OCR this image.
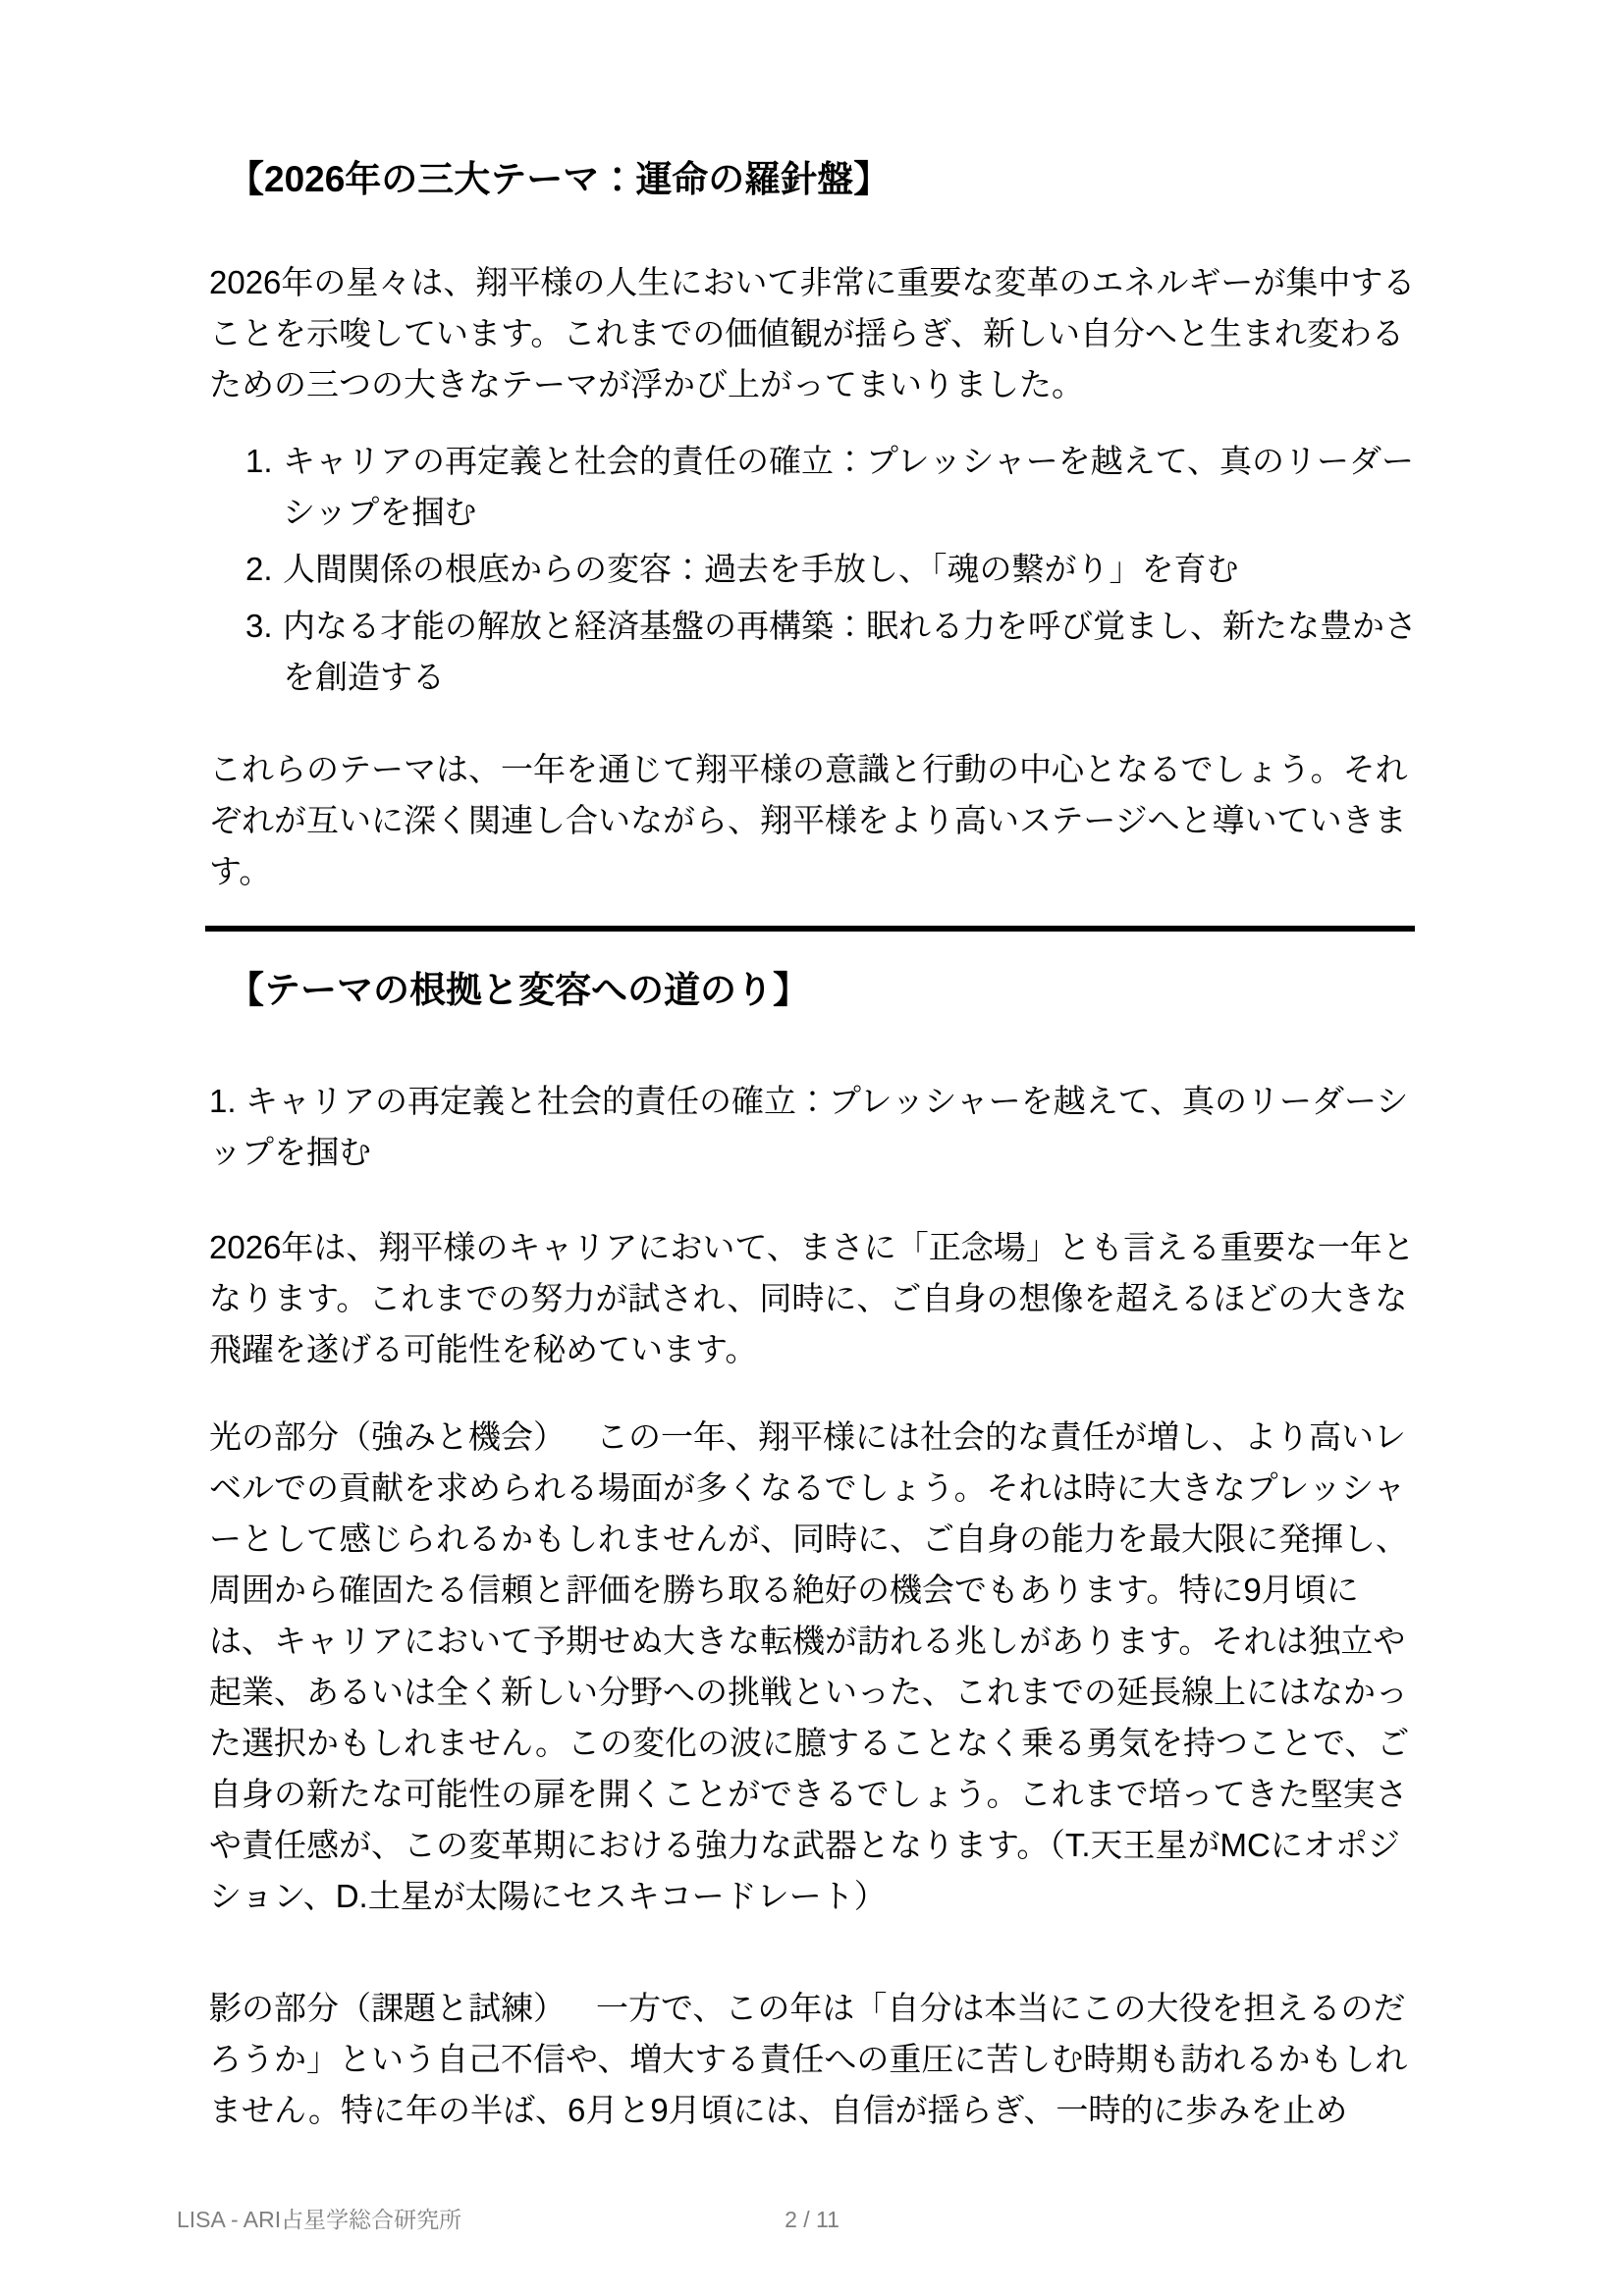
【2026年の三大テーマ：運命の羅針盤】

2026年の星々は、翔平様の人生において非常に重要な変革のエネルギーが集中することを示唆しています。これまでの価値観が揺らぎ、新しい自分へと生まれ変わるための三つの大きなテーマが浮かび上がってまいりました。

1. キャリアの再定義と社会的責任の確立：プレッシャーを越えて、真のリーダーシップを掴む
2. 人間関係の根底からの変容：過去を手放し、「魂の繋がり」を育む
3. 内なる才能の解放と経済基盤の再構築：眠れる力を呼び覚まし、新たな豊かさを創造する

これらのテーマは、一年を通じて翔平様の意識と行動の中心となるでしょう。それぞれが互いに深く関連し合いながら、翔平様をより高いステージへと導いていきます。

【テーマの根拠と変容への道のり】

1. キャリアの再定義と社会的責任の確立：プレッシャーを越えて、真のリーダーシップを掴む

2026年は、翔平様のキャリアにおいて、まさに「正念場」とも言える重要な一年となります。これまでの努力が試され、同時に、ご自身の想像を超えるほどの大きな飛躍を遂げる可能性を秘めています。

光の部分（強みと機会） この一年、翔平様には社会的な責任が増し、より高いレベルでの貢献を求められる場面が多くなるでしょう。それは時に大きなプレッシャーとして感じられるかもしれませんが、同時に、ご自身の能力を最大限に発揮し、周囲から確固たる信頼と評価を勝ち取る絶好の機会でもあります。特に9月頃には、キャリアにおいて予期せぬ大きな転機が訪れる兆しがあります。それは独立や起業、あるいは全く新しい分野への挑戦といった、これまでの延長線上にはなかった選択かもしれません。この変化の波に臆することなく乗る勇気を持つことで、ご自身の新たな可能性の扉を開くことができるでしょう。これまで培ってきた堅実さや責任感が、この変革期における強力な武器となります。（T.天王星がMCにオポジション、D.土星が太陽にセスキコードレート）

影の部分（課題と試練） 一方で、この年は「自分は本当にこの大役を担えるのだろうか」という自己不信や、増大する責任への重圧に苦しむ時期も訪れるかもしれません。特に年の半ば、6月と9月頃には、自信が揺らぎ、一時的に歩みを止め

LISA - ARI占星学総合研究所	2 / 11
